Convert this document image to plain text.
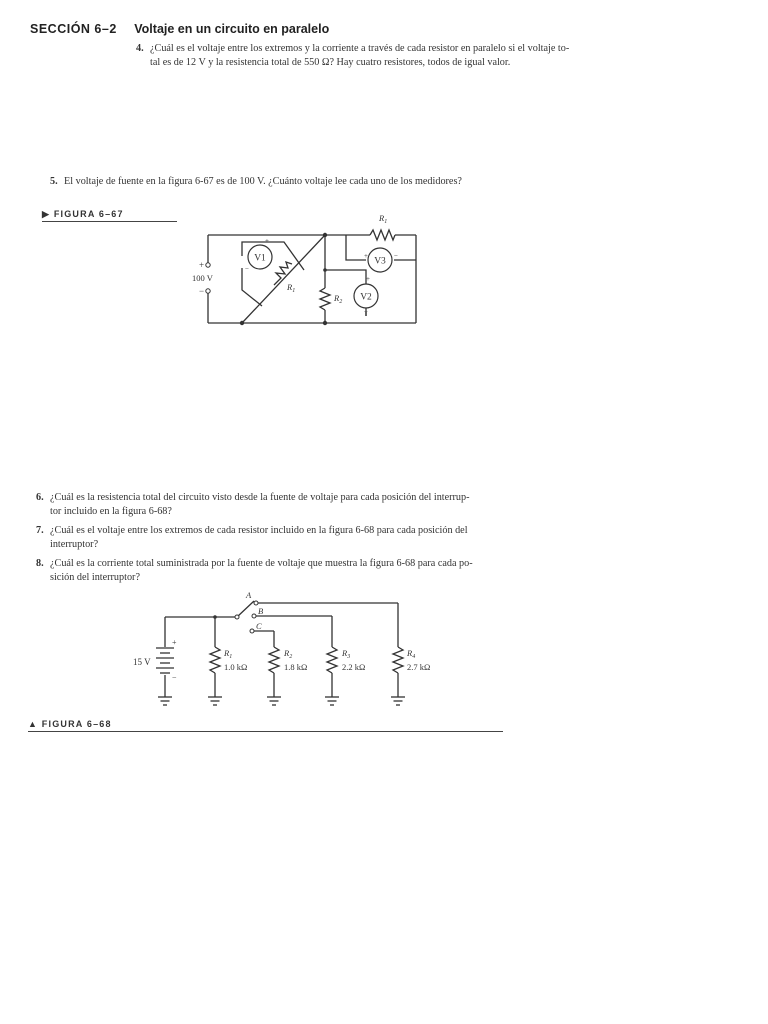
SECCIÓN 6–2 Voltaje en un circuito en paralelo
4. ¿Cuál es el voltaje entre los extremos y la corriente a través de cada resistor en paralelo si el voltaje to-
tal es de 12 V y la resistencia total de 550 Ω? Hay cuatro resistores, todos de igual valor.
5. El voltaje de fuente en la figura 6-67 es de 100 V. ¿Cuánto voltaje lee cada uno de los medidores?
▶ FIGURA 6–67
V1	V3
V2
+
−
+
−
+	−
+
−
100 V
$R_1$
$R_1$
$R_2$
6. ¿Cuál es la resistencia total del circuito visto desde la fuente de voltaje para cada posición del interrup-
tor incluido en la figura 6-68?
7. ¿Cuál es el voltaje entre los extremos de cada resistor incluido en la figura 6-68 para cada posición del
interruptor?
8. ¿Cuál es la corriente total suministrada por la fuente de voltaje que muestra la figura 6-68 para cada po-
sición del interruptor?
A
B
C
+
−
15 V
$R_1$
1.0 kΩ
$R_2$
1.8 kΩ
$R_3$
2.2 kΩ
$R_4$
2.7 kΩ
▲ FIGURA 6–68
